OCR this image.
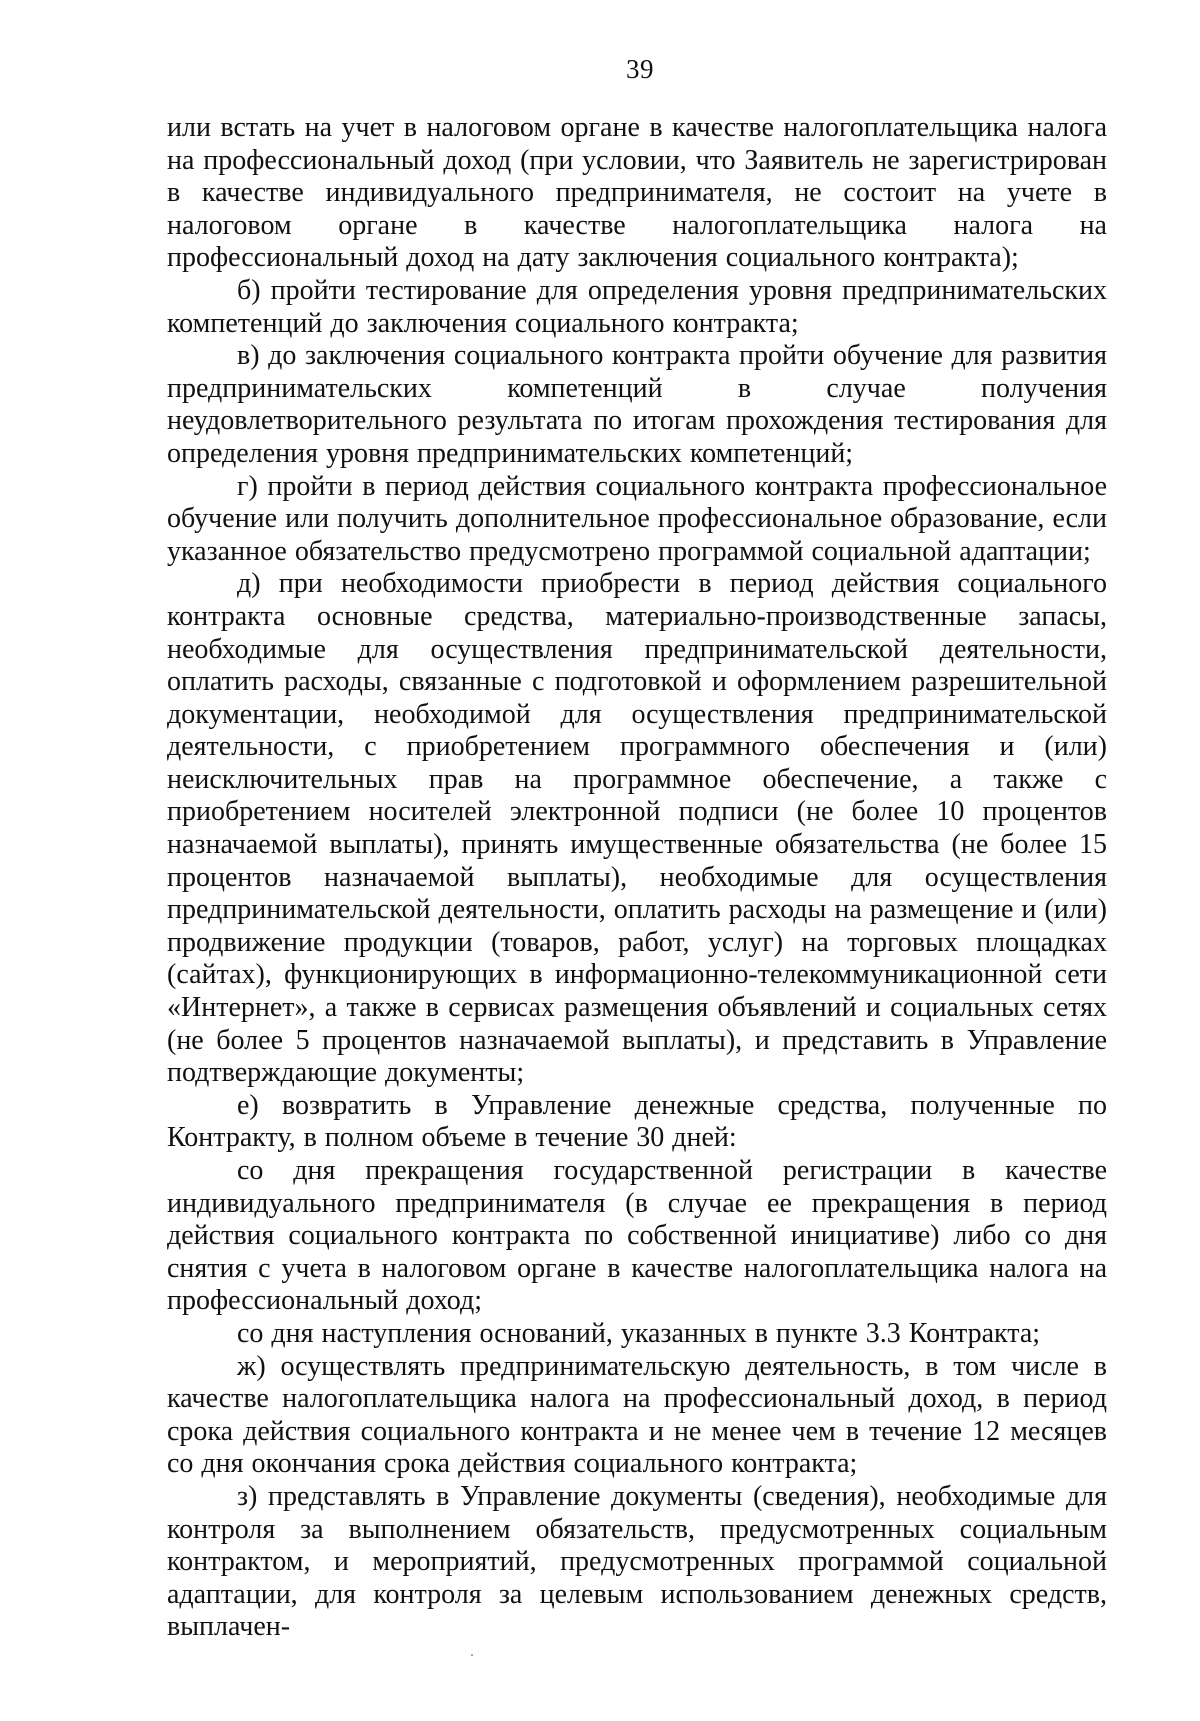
39

или встать на учет в налоговом органе в качестве налогоплательщика налога на профессиональный доход (при условии, что Заявитель не зарегистрирован в качестве индивидуального предпринимателя, не состоит на учете в налоговом органе в качестве налогоплательщика налога на профессиональный доход на дату заключения социального контракта);

б) пройти тестирование для определения уровня предпринимательских компетенций до заключения социального контракта;

в) до заключения социального контракта пройти обучение для развития предпринимательских компетенций в случае получения неудовлетворительного результата по итогам прохождения тестирования для определения уровня предпринимательских компетенций;

г) пройти в период действия социального контракта профессиональное обучение или получить дополнительное профессиональное образование, если указанное обязательство предусмотрено программой социальной адаптации;

д) при необходимости приобрести в период действия социального контракта основные средства, материально-производственные запасы, необходимые для осуществления предпринимательской деятельности, оплатить расходы, связанные с подготовкой и оформлением разрешительной документации, необходимой для осуществления предпринимательской деятельности, с приобретением программного обеспечения и (или) неисключительных прав на программное обеспечение, а также с приобретением носителей электронной подписи (не более 10 процентов назначаемой выплаты), принять имущественные обязательства (не более 15 процентов назначаемой выплаты), необходимые для осуществления предпринимательской деятельности, оплатить расходы на размещение и (или) продвижение продукции (товаров, работ, услуг) на торговых площадках (сайтах), функционирующих в информационно-телекоммуникационной сети «Интернет», а также в сервисах размещения объявлений и социальных сетях (не более 5 процентов назначаемой выплаты), и представить в Управление подтверждающие документы;

е) возвратить в Управление денежные средства, полученные по Контракту, в полном объеме в течение 30 дней:

со дня прекращения государственной регистрации в качестве индивидуального предпринимателя (в случае ее прекращения в период действия социального контракта по собственной инициативе) либо со дня снятия с учета в налоговом органе в качестве налогоплательщика налога на профессиональный доход;

со дня наступления оснований, указанных в пункте 3.3 Контракта;

ж) осуществлять предпринимательскую деятельность, в том числе в качестве налогоплательщика налога на профессиональный доход, в период срока действия социального контракта и не менее чем в течение 12 месяцев со дня окончания срока действия социального контракта;

з) представлять в Управление документы (сведения), необходимые для контроля за выполнением обязательств, предусмотренных социальным контрактом, и мероприятий, предусмотренных программой социальной адаптации, для контроля за целевым использованием денежных средств, выплачен-
